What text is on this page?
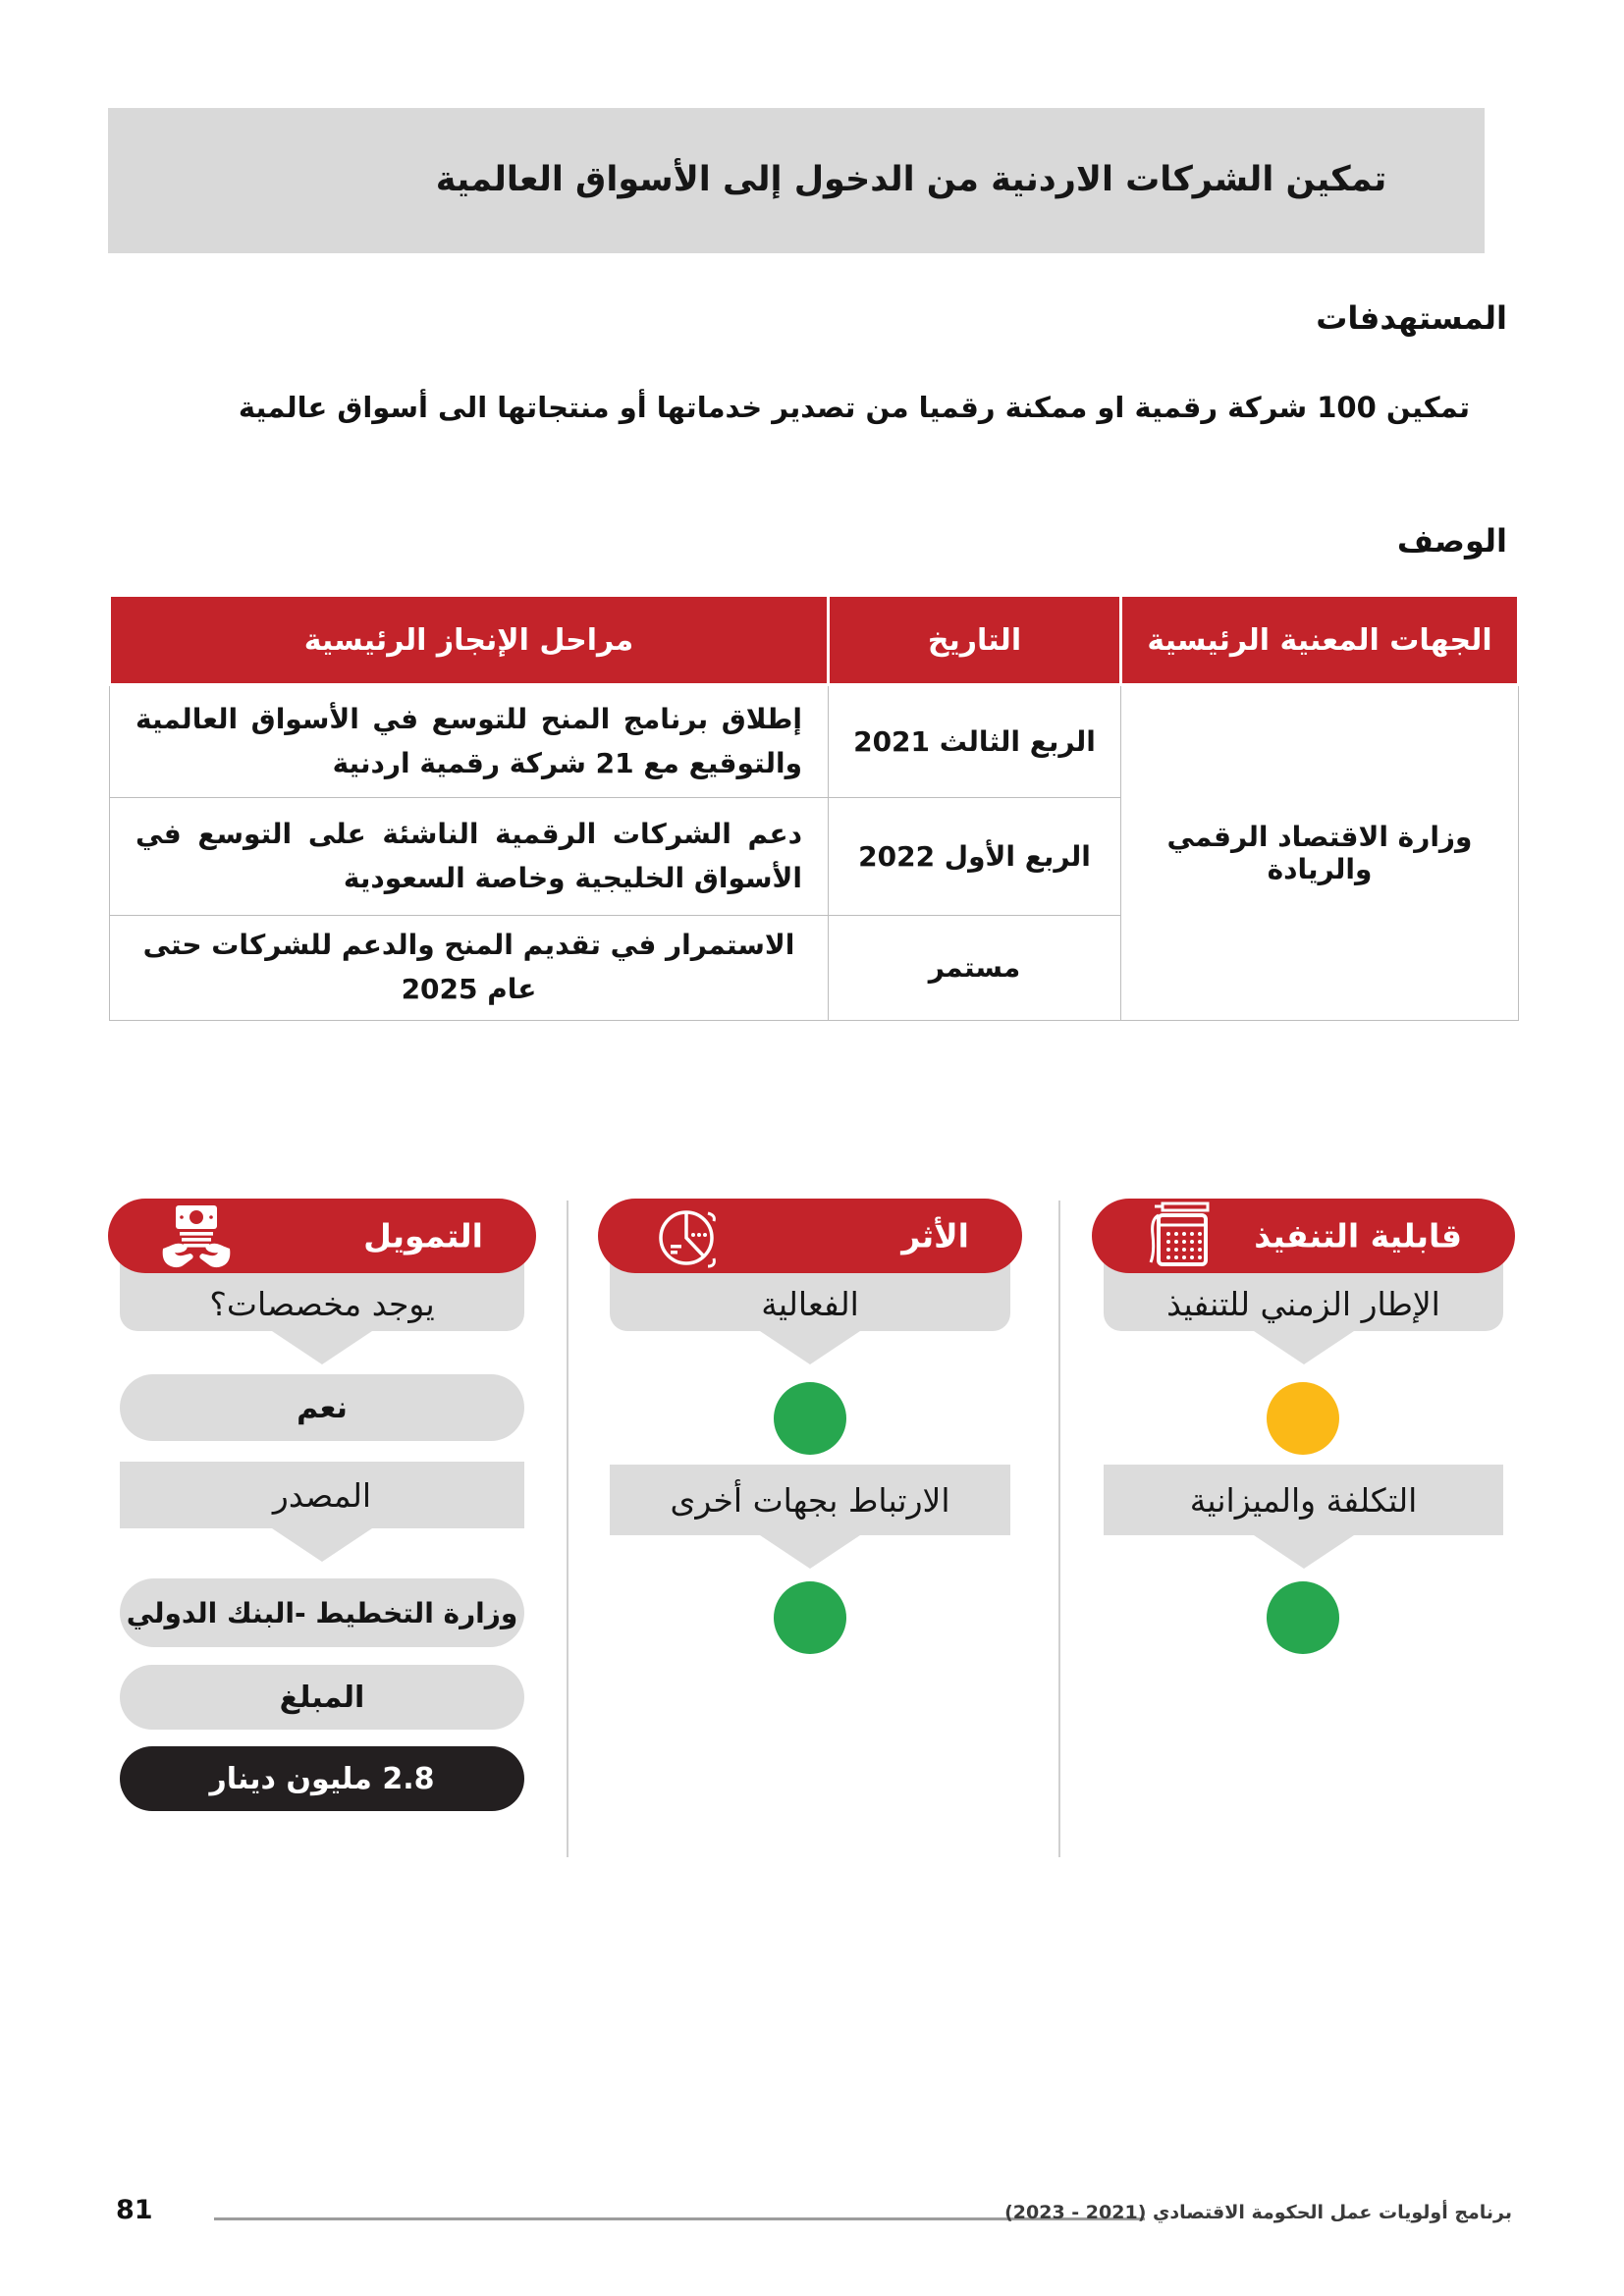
تمكين الشركات الاردنية من الدخول إلى الأسواق العالمية
المستهدفات
تمكين 100 شركة رقمية او ممكنة رقميا من تصدير خدماتها أو منتجاتها الى أسواق عالمية
الوصف
الجهات المعنية الرئيسية	التاريخ	مراحل الإنجاز الرئيسية
وزارة الاقتصاد الرقمي والريادة	الربع الثالث 2021	إطلاق برنامج المنح للتوسع في الأسواق العالمية والتوقيع مع 21 شركة رقمية اردنية
	الربع الأول 2022	دعم الشركات الرقمية الناشئة على التوسع في الأسواق الخليجية وخاصة السعودية
	مستمر	الاستمرار في تقديم المنح والدعم للشركات حتى عام 2025
قابلية التنفيذ
الإطار الزمني للتنفيذ
التكلفة والميزانية
الأثر
الفعالية
الارتباط بجهات أخرى
التمويل
يوجد مخصصات؟
نعم
المصدر
وزارة التخطيط -البنك الدولي
المبلغ
2.8 مليون دينار
81	برنامج أولويات عمل الحكومة الاقتصادي (2021 - 2023)
